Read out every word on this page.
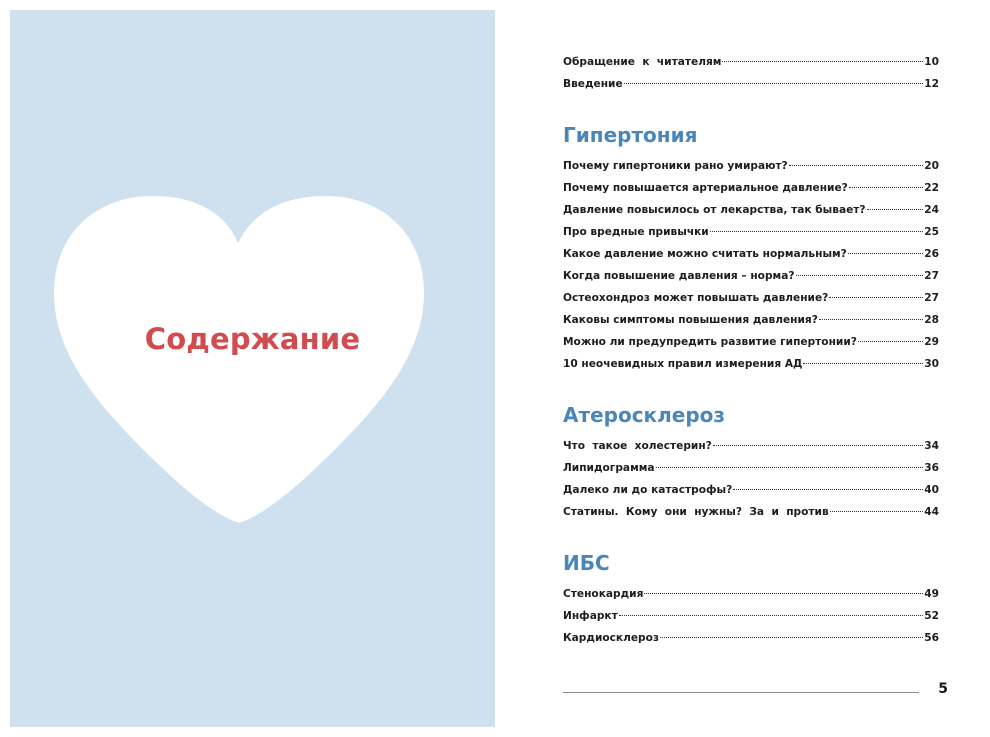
Содержание
Обращение  к  читателям	10
Введение	12
Гипертония
Почему гипертоники рано умирают?	20
Почему повышается артериальное давление?	22
Давление повысилось от лекарства, так бывает?	24
Про вредные привычки	25
Какое давление можно считать нормальным?	26
Когда повышение давления – норма?	27
Остеохондроз может повышать давление?	27
Каковы симптомы повышения давления?	28
Можно ли предупредить развитие гипертонии?	29
10 неочевидных правил измерения АД	30
Атеросклероз
Что  такое  холестерин?	34
Липидограмма	36
Далеко ли до катастрофы?	40
Статины.  Кому  они  нужны?  За  и  против	44
ИБС
Стенокардия	49
Инфаркт	52
Кардиосклероз	56
5
